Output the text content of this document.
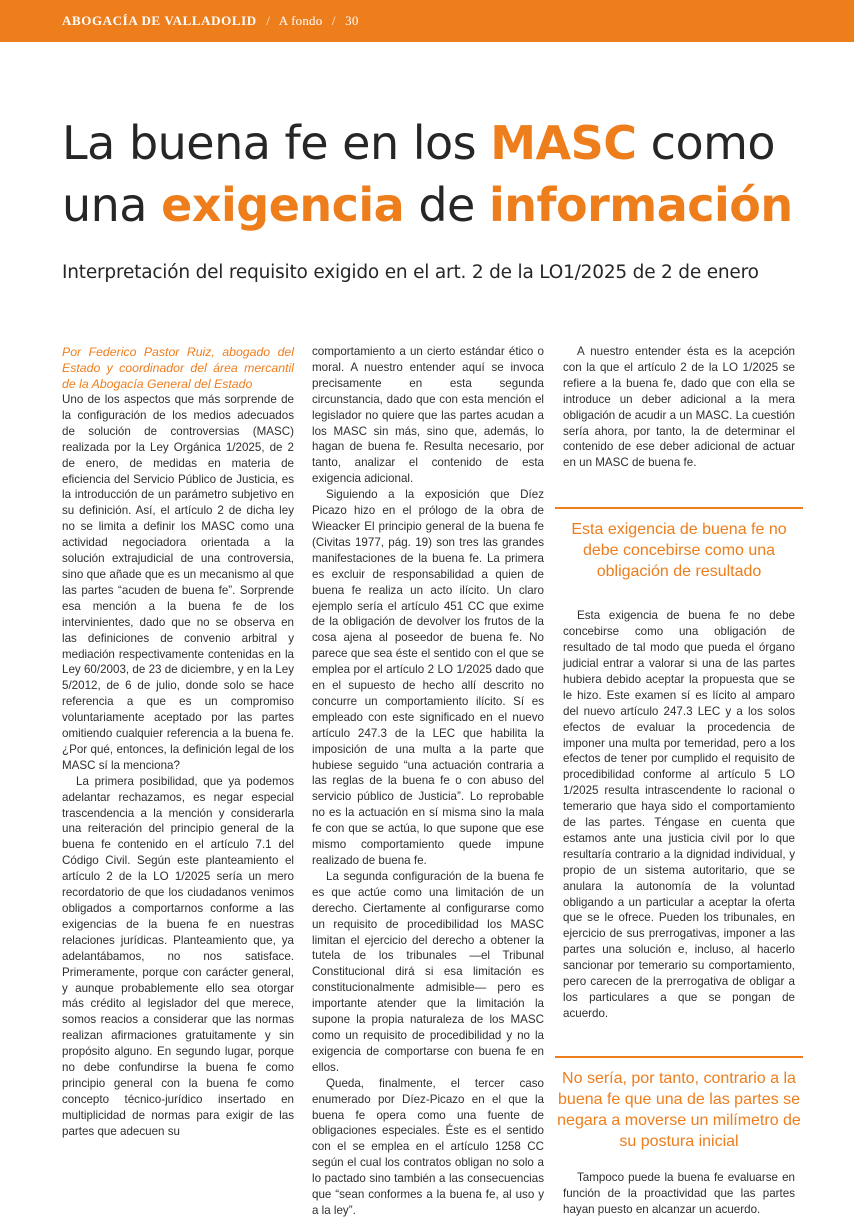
ABOGACÍA DE VALLADOLID / A fondo / 30
La buena fe en los MASC como una exigencia de información

Interpretación del requisito exigido en el art. 2 de la LO1/2025 de 2 de enero

Por Federico Pastor Ruiz, abogado del Estado y coordinador del área mercantil de la Abogacía General del Estado

Uno de los aspectos que más sorprende de la configuración de los medios adecuados de solución de controversias (MASC) realizada por la Ley Orgánica 1/2025, de 2 de enero, de medidas en materia de eficiencia del Servicio Público de Justicia, es la introducción de un parámetro subjetivo en su definición. Así, el artículo 2 de dicha ley no se limita a definir los MASC como una actividad negociadora orientada a la solución extrajudicial de una controversia, sino que añade que es un mecanismo al que las partes “acuden de buena fe”. Sorprende esa mención a la buena fe de los intervinientes, dado que no se observa en las definiciones de convenio arbitral y mediación respectivamente contenidas en la Ley 60/2003, de 23 de diciembre, y en la Ley 5/2012, de 6 de julio, donde solo se hace referencia a que es un compromiso voluntariamente aceptado por las partes omitiendo cualquier referencia a la buena fe. ¿Por qué, entonces, la definición legal de los MASC sí la menciona?

La primera posibilidad, que ya podemos adelantar rechazamos, es negar especial trascendencia a la mención y considerarla una reiteración del principio general de la buena fe contenido en el artículo 7.1 del Código Civil. Según este planteamiento el artículo 2 de la LO 1/2025 sería un mero recordatorio de que los ciudadanos venimos obligados a comportarnos conforme a las exigencias de la buena fe en nuestras relaciones jurídicas. Planteamiento que, ya adelantábamos, no nos satisface. Primeramente, porque con carácter general, y aunque probablemente ello sea otorgar más crédito al legislador del que merece, somos reacios a considerar que las normas realizan afirmaciones gratuitamente y sin propósito alguno. En segundo lugar, porque no debe confundirse la buena fe como principio general con la buena fe como concepto técnico-jurídico insertado en multiplicidad de normas para exigir de las partes que adecuen su

comportamiento a un cierto estándar ético o moral. A nuestro entender aquí se invoca precisamente en esta segunda circunstancia, dado que con esta mención el legislador no quiere que las partes acudan a los MASC sin más, sino que, además, lo hagan de buena fe. Resulta necesario, por tanto, analizar el contenido de esta exigencia adicional.

Siguiendo a la exposición que Díez Picazo hizo en el prólogo de la obra de Wieacker El principio general de la buena fe (Civitas 1977, pág. 19) son tres las grandes manifestaciones de la buena fe. La primera es excluir de responsabilidad a quien de buena fe realiza un acto ilícito. Un claro ejemplo sería el artículo 451 CC que exime de la obligación de devolver los frutos de la cosa ajena al poseedor de buena fe. No parece que sea éste el sentido con el que se emplea por el artículo 2 LO 1/2025 dado que en el supuesto de hecho allí descrito no concurre un comportamiento ilícito. Sí es empleado con este significado en el nuevo artículo 247.3 de la LEC que habilita la imposición de una multa a la parte que hubiese seguido “una actuación contraria a las reglas de la buena fe o con abuso del servicio público de Justicia”. Lo reprobable no es la actuación en sí misma sino la mala fe con que se actúa, lo que supone que ese mismo comportamiento quede impune realizado de buena fe.

La segunda configuración de la buena fe es que actúe como una limitación de un derecho. Ciertamente al configurarse como un requisito de procedibilidad los MASC limitan el ejercicio del derecho a obtener la tutela de los tribunales —el Tribunal Constitucional dirá si esa limitación es constitucionalmente admisible— pero es importante atender que la limitación la supone la propia naturaleza de los MASC como un requisito de procedibilidad y no la exigencia de comportarse con buena fe en ellos.

Queda, finalmente, el tercer caso enumerado por Díez-Picazo en el que la buena fe opera como una fuente de obligaciones especiales. Éste es el sentido con el se emplea en el artículo 1258 CC según el cual los contratos obligan no solo a lo pactado sino también a las consecuencias que “sean conformes a la buena fe, al uso y a la ley”.

A nuestro entender ésta es la acepción con la que el artículo 2 de la LO 1/2025 se refiere a la buena fe, dado que con ella se introduce un deber adicional a la mera obligación de acudir a un MASC. La cuestión sería ahora, por tanto, la de determinar el contenido de ese deber adicional de actuar en un MASC de buena fe.

Esta exigencia de buena fe no debe concebirse como una obligación de resultado

Esta exigencia de buena fe no debe concebirse como una obligación de resultado de tal modo que pueda el órgano judicial entrar a valorar si una de las partes hubiera debido aceptar la propuesta que se le hizo. Este examen sí es lícito al amparo del nuevo artículo 247.3 LEC y a los solos efectos de evaluar la procedencia de imponer una multa por temeridad, pero a los efectos de tener por cumplido el requisito de procedibilidad conforme al artículo 5 LO 1/2025 resulta intrascendente lo racional o temerario que haya sido el comportamiento de las partes. Téngase en cuenta que estamos ante una justicia civil por lo que resultaría contrario a la dignidad individual, y propio de un sistema autoritario, que se anulara la autonomía de la voluntad obligando a un particular a aceptar la oferta que se le ofrece. Pueden los tribunales, en ejercicio de sus prerrogativas, imponer a las partes una solución e, incluso, al hacerlo sancionar por temerario su comportamiento, pero carecen de la prerrogativa de obligar a los particulares a que se pongan de acuerdo.

No sería, por tanto, contrario a la buena fe que una de las partes se negara a moverse un milímetro de su postura inicial

Tampoco puede la buena fe evaluarse en función de la proactividad que las partes hayan puesto en alcanzar un acuerdo.
